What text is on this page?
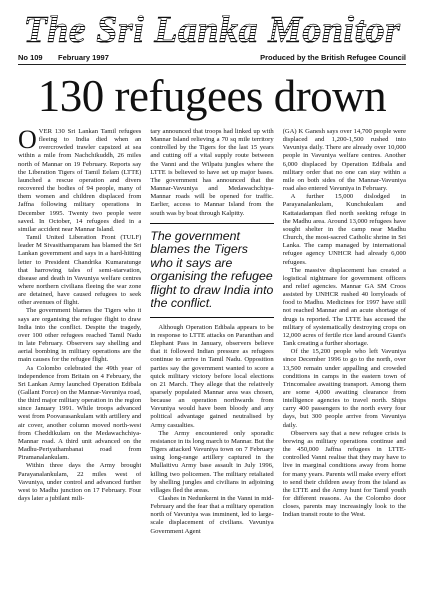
The Sri Lanka Monitor
No 109	February 1997	Produced by the British Refugee Council
130 refugees drown

OVER 130 Sri Lankan Tamil refugees fleeing to India died when an overcrowded trawler capsized at sea within a mile from Nachchikuddh, 26 miles north of Mannar on 19 February. Reports say the Liberation Tigers of Tamil Eelam (LTTE) launched a rescue operation and divers recovered the bodies of 94 people, many of them women and children displaced from Jaffna following military operations in December 1995. Twenty two people were saved. In October, 14 refugees died in a similar accident near Mannar Island.

Tamil United Liberation Front (TULF) leader M Sivasithamparam has blamed the Sri Lankan government and says in a hard-hitting letter to President Chandrika Kumaratunge that harrowing tales of semi-starvation, disease and death in Vavuniya welfare centres where northern civilians fleeing the war zone are detained, have caused refugees to seek other avenues of flight.

The government blames the Tigers who it says are organising the refugee flight to draw India into the conflict. Despite the tragedy, over 100 other refugees reached Tamil Nadu in late February. Observers say shelling and aerial bombing in military operations are the main causes for the refugee flight.

As Colombo celebrated the 49th year of independence from Britain on 4 February, the Sri Lankan Army launched Operation Edibala (Gallant Force) on the Mannar-Vavuniya road, the third major military operation in the region since January 1991. While troops advanced west from Poovarasankulam with artillery and air cover, another column moved north-west from Cheddikulam on the Medawachchiya-Mannar road. A third unit advanced on the Madhu-Periyathambanai road from Piramanalankulam.

Within three days the Army brought Parayanalankulam, 22 miles west of Vavuniya, under control and advanced further west to Madhu junction on 17 February. Four days later a jubilant mili-

tary announced that troops had linked up with Mannar Island relieving a 70 sq mile territory controlled by the Tigers for the last 15 years and cutting off a vital supply route between the Vanni and the Wilpatu jungles where the LTTE is believed to have set up major bases. The government has announced that the Mannar-Vavuniya and Medawachchiya-Mannar roads will be opened for traffic. Earlier, access to Mannar Island from the south was by boat through Kalpitty.

The government blames the Tigers who it says are organising the refugee flight to draw India into the conflict.

Although Operation Edibala appears to be in response to LTTE attacks on Paranthan and Elephant Pass in January, observers believe that it followed Indian pressure as refugees continue to arrive in Tamil Nadu. Opposition parties say the government wanted to score a quick military victory before local elections on 21 March. They allege that the relatively sparsely populated Mannar area was chosen, because an operation northwards from Vavuniya would have been bloody and any political advantage gained neutralised by Army casualties.

The Army encountered only sporadic resistance in its long march to Mannar. But the Tigers attacked Vavuniya town on 7 February using long-range artillery captured in the Mullaitivu Army base assault in July 1996, killing two policemen. The military retaliated by shelling jungles and civilians in adjoining villages fled the areas.

Clashes in Nedunkerni in the Vanni in mid-February and the fear that a military operation north of Vavuniya was imminent, led to large-scale displacement of civilians. Vavuniya Government Agent

(GA) K Ganesh says over 14,700 people were displaced and 1,200-1,500 rushed into Vavuniya daily. There are already over 10,000 people in Vavuniya welfare centres. Another 6,000 displaced by Operation Edibala and military order that no one can stay within a mile on both sides of the Mannar-Vavuniya road also entered Vavuniya in February.

A further 15,000 dislodged in Parayanalankulam, Kunchukulam and Kattaiadampan fled north seeking refuge in the Madhu area. Around 13,000 refugees have sought shelter in the camp near Madhu Church, the most-sacred Catholic shrine in Sri Lanka. The camp managed by international refugee agency UNHCR had already 6,000 refugees.

The massive displacement has created a logistical nightmare for government officers and relief agencies. Mannar GA SM Croos assisted by UNHCR rushed 40 lorryloads of food to Madhu. Medicines for 1997 have still not reached Mannar and an acute shortage of drugs is reported. The LTTE has accused the military of systematically destroying crops on 12,000 acres of fertile rice land around Giant's Tank creating a further shortage.

Of the 15,200 people who left Vavuniya since December 1996 to go to the north, over 13,500 remain under appalling and crowded conditions in camps in the eastern town of Trincomalee awaiting transport. Among them are some 4,000 awaiting clearance from intelligence agencies to travel north. Ships carry 400 passengers to the north every four days, but 300 people arrive from Vavuniya daily.

Observers say that a new refugee crisis is brewing as military operations continue and the 450,000 Jaffna refugees in LTTE-controlled Vanni realise that they may have to live in marginal conditions away from home for many years. Parents will make every effort to send their children away from the island as the LTTE and the Army hunt for Tamil youth for different reasons. As the Colombo door closes, parents may increasingly look to the Indian transit route to the West.
